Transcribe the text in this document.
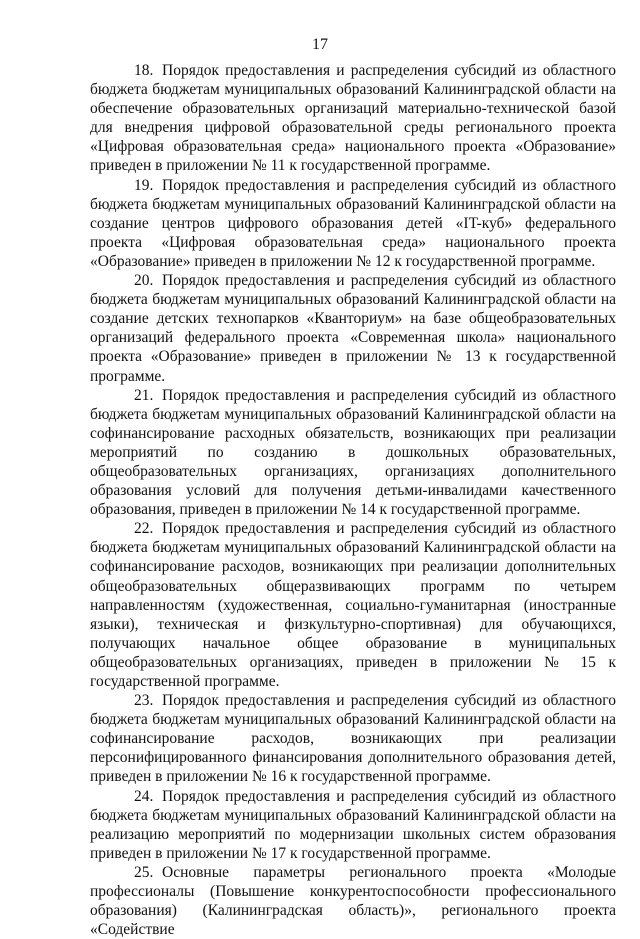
17

18. Порядок предоставления и распределения субсидий из областного бюджета бюджетам муниципальных образований Калининградской области на обеспечение образовательных организаций материально-технической базой для внедрения цифровой образовательной среды регионального проекта «Цифровая образовательная среда» национального проекта «Образование» приведен в приложении № 11 к государственной программе.

19. Порядок предоставления и распределения субсидий из областного бюджета бюджетам муниципальных образований Калининградской области на создание центров цифрового образования детей «IT-куб» федерального проекта «Цифровая образовательная среда» национального проекта «Образование» приведен в приложении № 12 к государственной программе.

20. Порядок предоставления и распределения субсидий из областного бюджета бюджетам муниципальных образований Калининградской области на создание детских технопарков «Кванториум» на базе общеобразовательных организаций федерального проекта «Современная школа» национального проекта «Образование» приведен в приложении № 13 к государственной программе.

21. Порядок предоставления и распределения субсидий из областного бюджета бюджетам муниципальных образований Калининградской области на софинансирование расходных обязательств, возникающих при реализации мероприятий по созданию в дошкольных образовательных, общеобразовательных организациях, организациях дополнительного образования условий для получения детьми-инвалидами качественного образования, приведен в приложении № 14 к государственной программе.

22. Порядок предоставления и распределения субсидий из областного бюджета бюджетам муниципальных образований Калининградской области на софинансирование расходов, возникающих при реализации дополнительных общеобразовательных общеразвивающих программ по четырем направленностям (художественная, социально-гуманитарная (иностранные языки), техническая и физкультурно-спортивная) для обучающихся, получающих начальное общее образование в муниципальных общеобразовательных организациях, приведен в приложении № 15 к государственной программе.

23. Порядок предоставления и распределения субсидий из областного бюджета бюджетам муниципальных образований Калининградской области на софинансирование расходов, возникающих при реализации персонифицированного финансирования дополнительного образования детей, приведен в приложении № 16 к государственной программе.

24. Порядок предоставления и распределения субсидий из областного бюджета бюджетам муниципальных образований Калининградской области на реализацию мероприятий по модернизации школьных систем образования приведен в приложении № 17 к государственной программе.

25. Основные параметры регионального проекта «Молодые профессионалы (Повышение конкурентоспособности профессионального образования) (Калининградская область)», регионального проекта «Содействие
